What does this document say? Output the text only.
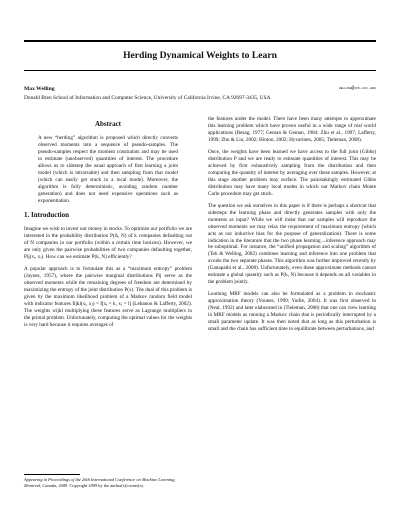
Herding Dynamical Weights to Learn
Max Welling	welling@ics.uci.edu
Donald Bren School of Information and Computer Science, University of California Irvine, CA 92697-3435, USA
Abstract

A new “herding” algorithm is proposed which directly converts observed moments into a sequence of pseudo-samples. The pseudo-samples respect the moment constraints and may be used to estimate (unobserved) quantities of interest. The procedure allows us to sidestep the usual approach of first learning a joint model (which is intractable) and then sampling from that model (which can easily get stuck in a local mode). Moreover, the algorithm is fully deterministic, avoiding random number generation) and does not need expensive operations such as exponentiation.

1. Introduction

Imagine we wish to invest our money in stocks. To optimize our portfolio we are interested in the probability distribution P(Δ, N) of k companies defaulting out of N companies in our portfolio (within a certain time horizon). However, we are only given the pairwise probabilities of two companies defaulting together, Pĳ(xᵢ, xⱼ). How can we estimate P(k, N) efficiently?

A popular approach is to formulate this as a “maximum entropy” problem (Jaynes, 1957), where the pairwise marginal distributions Pĳ serve as the observed moments while the remaining degrees of freedom are determined by maximizing the entropy of the joint distribution P(x). The dual of this problem is given by the maximum likelihood problem of a Markov random field model with indicator features fĳkl(xᵢ, xⱼ) = I[xᵢ = k, xⱼ = l] (Lebanon & Lafferty, 2002). The weights wĳkl multiplying these features serve as Lagrange multipliers in the primal problem. Unfortunately, computing the optimal values for the weights is very hard because it requires averages of

the features under the model. There have been many attempts to approximate this learning problem which have proven useful in a wide range of real world applications (Besag, 1977; Geman & Geman, 1984; Zhu et al., 1997; Lafferty, 1999; Zhu & Liu, 2002; Hinton, 2002; Hyvarinen, 2005; Tieleman, 2008).

Once, the weights have been learned we have access to the full joint (Gibbs) distribution P and we are ready to estimate quantities of interest. This may be achieved by first exhaustively sampling from the distribution and then computing the quantity of interest by averaging over these samples. However, at this stage another problem may surface. The painstakingly estimated Gibbs distribution may have many local modes in which our Markov chain Monte Carlo procedure may get stuck.

The question we ask ourselves in this paper is if there is perhaps a shortcut that sidesteps the learning phase and directly generates samples with only the moments as input? While we will insist that our samples will reproduce the observed moments we may relax the requirement of maximum entropy (which acts as our inductive bias for the purpose of generalization). There is some indication in the literature that the two phase learning→inference approach may be suboptimal. For instance, the “unified propagation and scaling” algorithm of (Teh & Welling, 2002) combines learning and inference into one problem that avoids the two separate phases. This algorithm was further improved recently by (Ganapathi et al., 2008). Unfortunately, even these approximate methods cannot estimate a global quantity such as P(k, N) because it depends on all variables in the problem jointly.

Learning MRF models can also be formulated as a problem in stochastic approximation theory (Younes, 1999; Yuille, 2004). It was first observed in (Neal, 1992) and later elaborated in (Tieleman, 2008) that one can view learning in MRF models as running a Markov chain that is periodically interrupted by a small parameter update. It was then noted that as long as this perturbation is small and the chain has sufficient time to equilibrate between perturbations, and

Appearing in Proceedings of the 26th International Conference on Machine Learning, Montreal, Canada, 2009. Copyright 2009 by the author(s)/owner(s).
